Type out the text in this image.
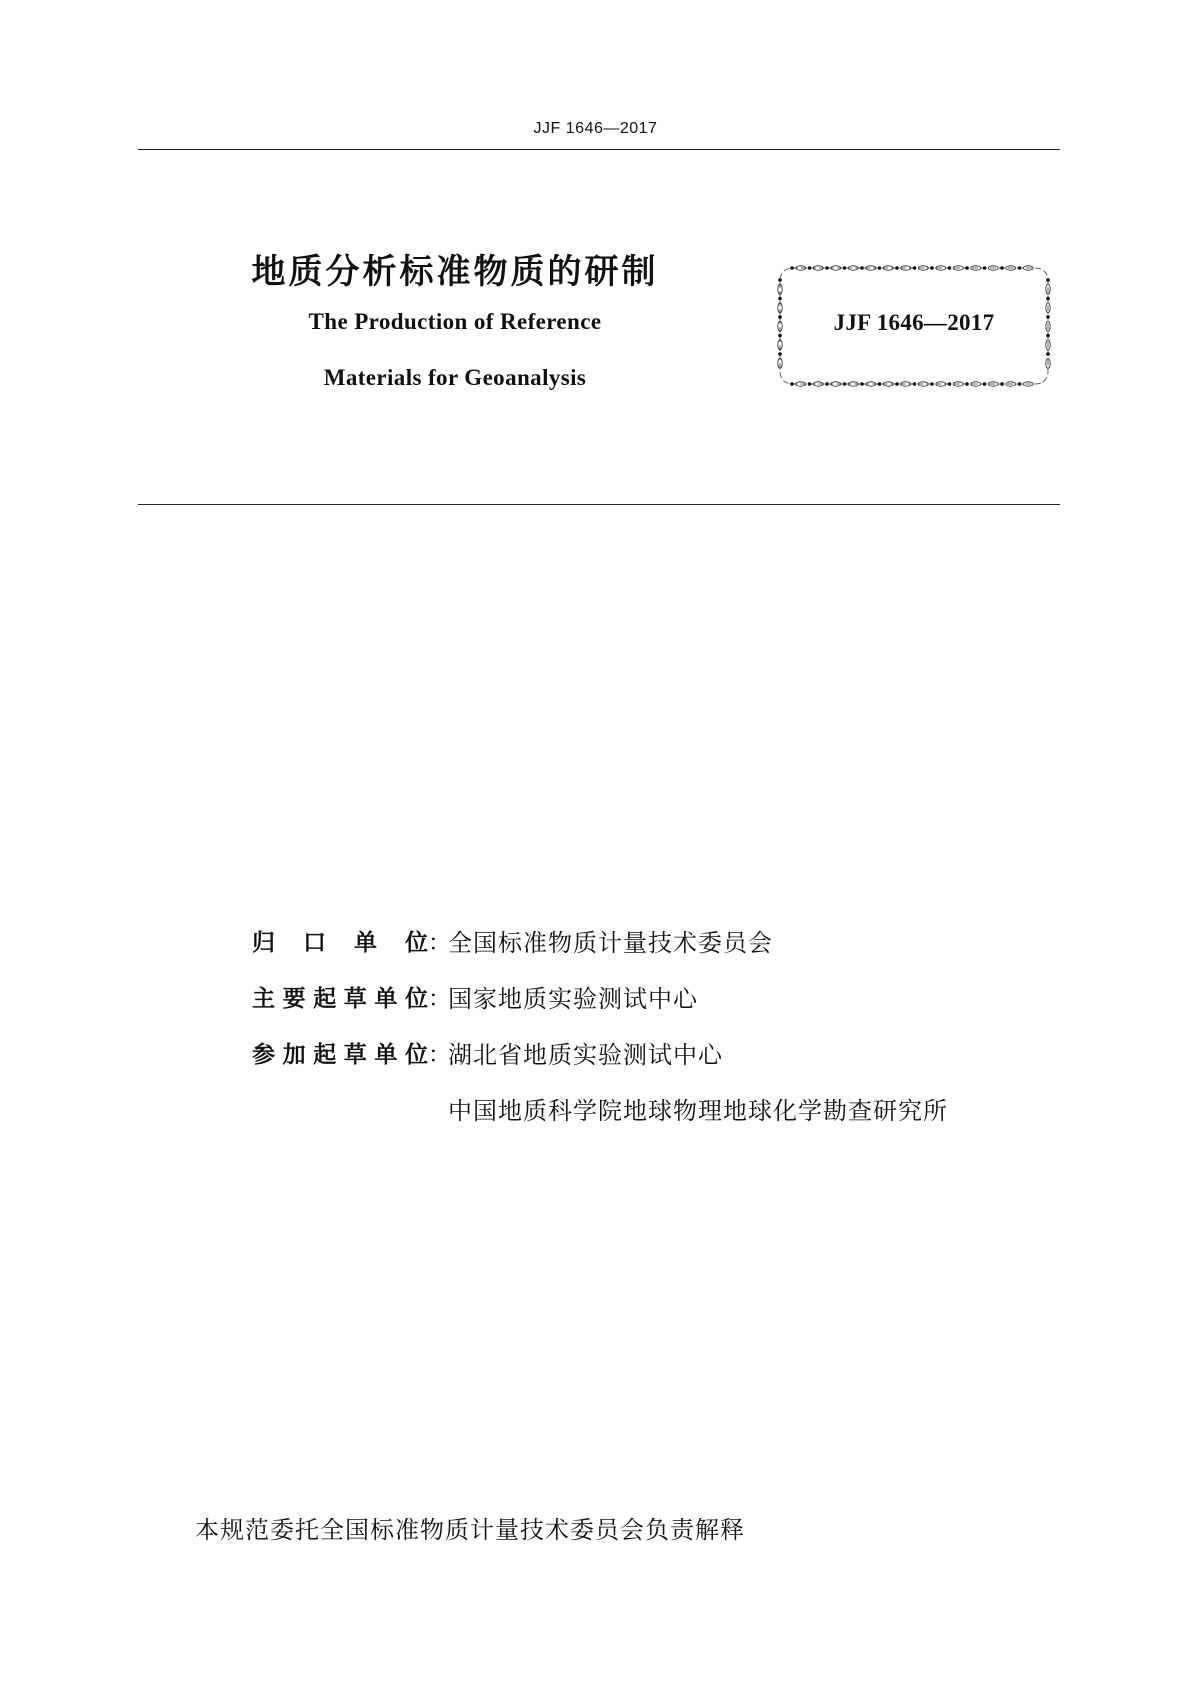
JJF 1646—2017
地质分析标准物质的研制
The Production of Reference
Materials for Geoanalysis
JJF 1646—2017
归 口 单 位 ：
全国标准物质计量技术委员会
主 要 起 草 单 位 ：
国家地质实验测试中心
参 加 起 草 单 位 ：
湖北省地质实验测试中心
中国地质科学院地球物理地球化学勘查研究所
本规范委托全国标准物质计量技术委员会负责解释
